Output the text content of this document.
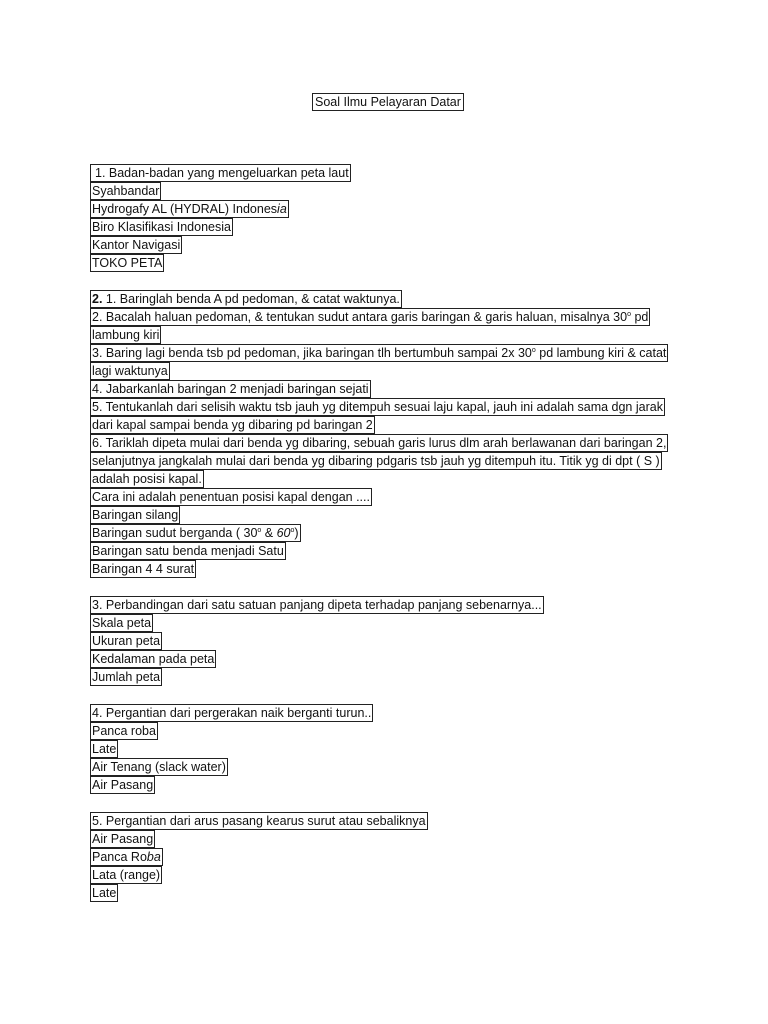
Soal Ilmu Pelayaran Datar
1. Badan-badan yang mengeluarkan peta laut
Syahbandar
Hydrogafy AL (HYDRAL) Indonesia
Biro Klasifikasi Indonesia
Kantor Navigasi
TOKO PETA
2. 1. Baringlah benda A pd pedoman, & catat waktunya.
2. Bacalah haluan pedoman, & tentukan sudut antara garis baringan & garis haluan, misalnya 30$^o$ pd
lambung kiri
3. Baring lagi benda tsb pd pedoman, jika baringan tlh bertumbuh sampai 2x 30$^o$ pd lambung kiri & catat
lagi waktunya
4. Jabarkanlah baringan 2 menjadi baringan sejati
5. Tentukanlah dari selisih waktu tsb jauh yg ditempuh sesuai laju kapal, jauh ini adalah sama dgn jarak
dari kapal sampai benda yg dibaring pd baringan 2
6. Tariklah dipeta mulai dari benda yg dibaring, sebuah garis lurus dlm arah berlawanan dari baringan 2,
selanjutnya jangkalah mulai dari benda yg dibaring pdgaris tsb jauh yg ditempuh itu. Titik yg di dpt ( S )
adalah posisi kapal.
Cara ini adalah penentuan posisi kapal dengan ....
Baringan silang
Baringan sudut berganda ( 30$^o$ & 60$^o$)
Baringan satu benda menjadi Satu
Baringan 4 4 surat
3. Perbandingan dari satu satuan panjang dipeta terhadap panjang sebenarnya...
Skala peta
Ukuran peta
Kedalaman pada peta
Jumlah peta
4. Pergantian dari pergerakan naik berganti turun..
Panca roba
Late
Air Tenang (slack water)
Air Pasang
5. Pergantian dari arus pasang kearus surut atau sebaliknya
Air Pasang
Panca Roba
Lata (range)
Late
